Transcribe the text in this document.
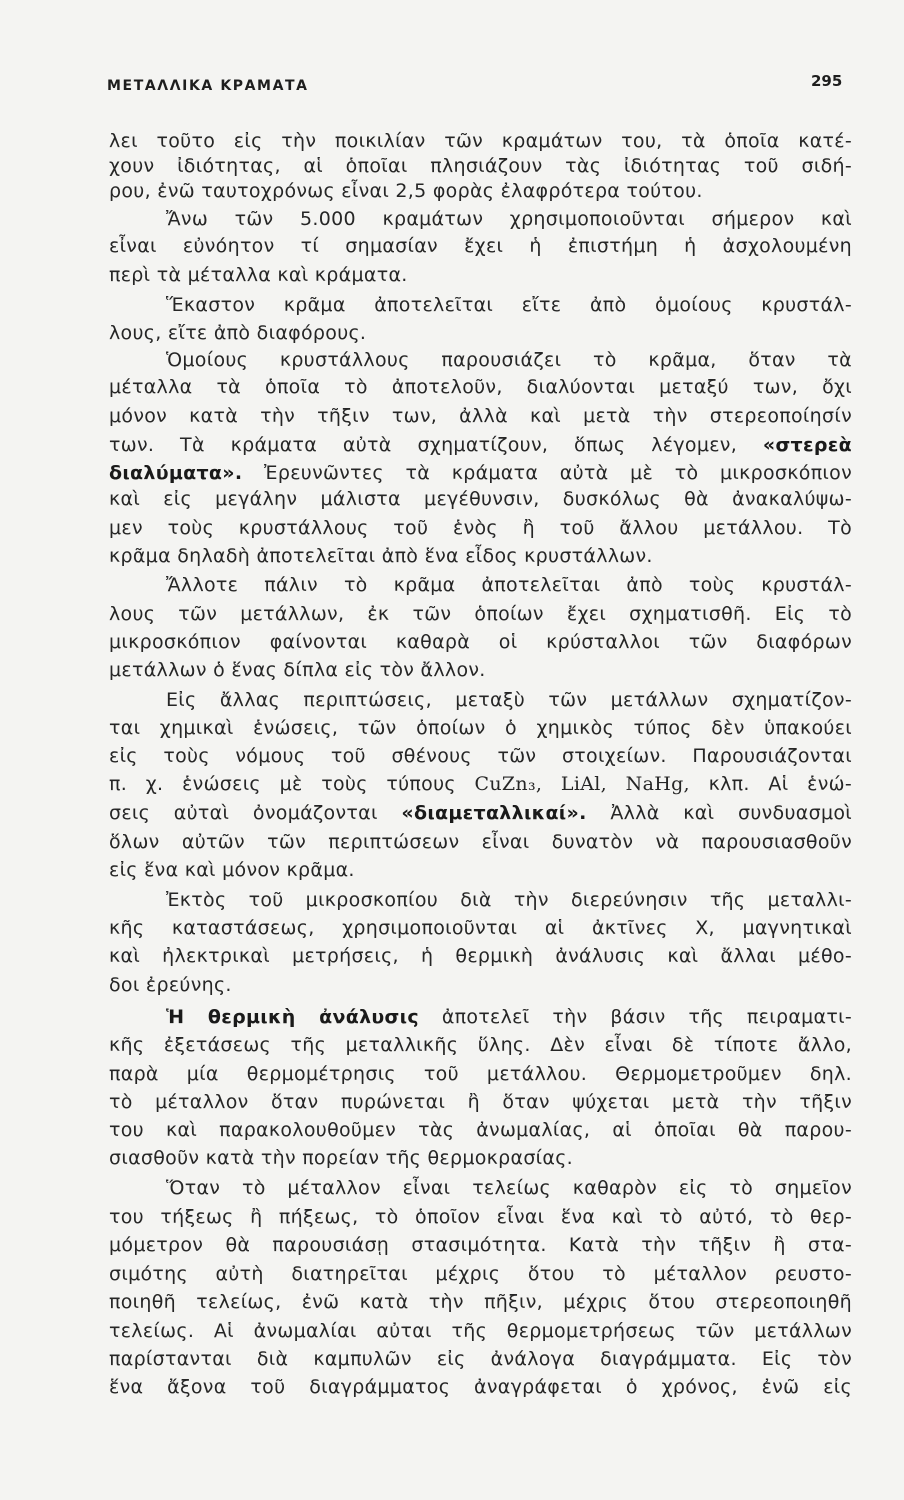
ΜΕΤΑΛΛΙΚΑ ΚΡΑΜΑΤΑ	295
λει τοῦτο εἰς τὴν ποικιλίαν τῶν κραμάτων του, τὰ ὁποῖα κατέ-
χουν ἰδιότητας, αἱ ὁποῖαι πλησιάζουν τὰς ἰδιότητας τοῦ σιδή-
ρου, ἐνῶ ταυτοχρόνως εἶναι 2,5 φορὰς ἐλαφρότερα τούτου.
Ἄνω τῶν 5.000 κραμάτων χρησιμοποιοῦνται σήμερον καὶ
εἶναι εὐνόητον τί σημασίαν ἔχει ἡ ἐπιστήμη ἡ ἀσχολουμένη
περὶ τὰ μέταλλα καὶ κράματα.
Ἕκαστον κρᾶμα ἀποτελεῖται εἴτε ἀπὸ ὁμοίους κρυστάλ-
λους, εἴτε ἀπὸ διαφόρους.
Ὁμοίους κρυστάλλους παρουσιάζει τὸ κρᾶμα, ὅταν τὰ
μέταλλα τὰ ὁποῖα τὸ ἀποτελοῦν, διαλύονται μεταξύ των, ὄχι
μόνον κατὰ τὴν τῆξιν των, ἀλλὰ καὶ μετὰ τὴν στερεοποίησίν
των. Τὰ κράματα αὐτὰ σχηματίζουν, ὅπως λέγομεν, «στερεὰ
διαλύματα». Ἐρευνῶντες τὰ κράματα αὐτὰ μὲ τὸ μικροσκόπιον
καὶ εἰς μεγάλην μάλιστα μεγέθυνσιν, δυσκόλως θὰ ἀνακαλύψω-
μεν τοὺς κρυστάλλους τοῦ ἑνὸς ἢ τοῦ ἄλλου μετάλλου. Τὸ
κρᾶμα δηλαδὴ ἀποτελεῖται ἀπὸ ἕνα εἶδος κρυστάλλων.
Ἄλλοτε πάλιν τὸ κρᾶμα ἀποτελεῖται ἀπὸ τοὺς κρυστάλ-
λους τῶν μετάλλων, ἐκ τῶν ὁποίων ἔχει σχηματισθῆ. Εἰς τὸ
μικροσκόπιον φαίνονται καθαρὰ οἱ κρύσταλλοι τῶν διαφόρων
μετάλλων ὁ ἕνας δίπλα εἰς τὸν ἄλλον.
Εἰς ἄλλας περιπτώσεις, μεταξὺ τῶν μετάλλων σχηματίζον-
ται χημικαὶ ἑνώσεις, τῶν ὁποίων ὁ χημικὸς τύπος δὲν ὑπακούει
εἰς τοὺς νόμους τοῦ σθένους τῶν στοιχείων. Παρουσιάζονται
π. χ. ἑνώσεις μὲ τοὺς τύπους CuZn₃, LiAl, NaHg, κλπ. Αἱ ἑνώ-
σεις αὐταὶ ὀνομάζονται «διαμεταλλικαί». Ἀλλὰ καὶ συνδυασμοὶ
ὅλων αὐτῶν τῶν περιπτώσεων εἶναι δυνατὸν νὰ παρουσιασθοῦν
εἰς ἕνα καὶ μόνον κρᾶμα.
Ἐκτὸς τοῦ μικροσκοπίου διὰ τὴν διερεύνησιν τῆς μεταλλι-
κῆς καταστάσεως, χρησιμοποιοῦνται αἱ ἀκτῖνες Χ, μαγνητικαὶ
καὶ ἠλεκτρικαὶ μετρήσεις, ἡ θερμικὴ ἀνάλυσις καὶ ἄλλαι μέθο-
δοι ἐρεύνης.
Ἡ θερμικὴ ἀνάλυσις ἀποτελεῖ τὴν βάσιν τῆς πειραματι-
κῆς ἐξετάσεως τῆς μεταλλικῆς ὕλης. Δὲν εἶναι δὲ τίποτε ἄλλο,
παρὰ μία θερμομέτρησις τοῦ μετάλλου. Θερμομετροῦμεν δηλ.
τὸ μέταλλον ὅταν πυρώνεται ἢ ὅταν ψύχεται μετὰ τὴν τῆξιν
του καὶ παρακολουθοῦμεν τὰς ἀνωμαλίας, αἱ ὁποῖαι θὰ παρου-
σιασθοῦν κατὰ τὴν πορείαν τῆς θερμοκρασίας.
Ὅταν τὸ μέταλλον εἶναι τελείως καθαρὸν εἰς τὸ σημεῖον
του τήξεως ἢ πήξεως, τὸ ὁποῖον εἶναι ἕνα καὶ τὸ αὐτό, τὸ θερ-
μόμετρον θὰ παρουσιάσῃ στασιμότητα. Κατὰ τὴν τῆξιν ἢ στα-
σιμότης αὐτὴ διατηρεῖται μέχρις ὅτου τὸ μέταλλον ρευστο-
ποιηθῆ τελείως, ἐνῶ κατὰ τὴν πῆξιν, μέχρις ὅτου στερεοποιηθῆ
τελείως. Αἱ ἀνωμαλίαι αὐται τῆς θερμομετρήσεως τῶν μετάλλων
παρίστανται διὰ καμπυλῶν εἰς ἀνάλογα διαγράμματα. Εἰς τὸν
ἕνα ἄξονα τοῦ διαγράμματος ἀναγράφεται ὁ χρόνος, ἐνῶ εἰς
